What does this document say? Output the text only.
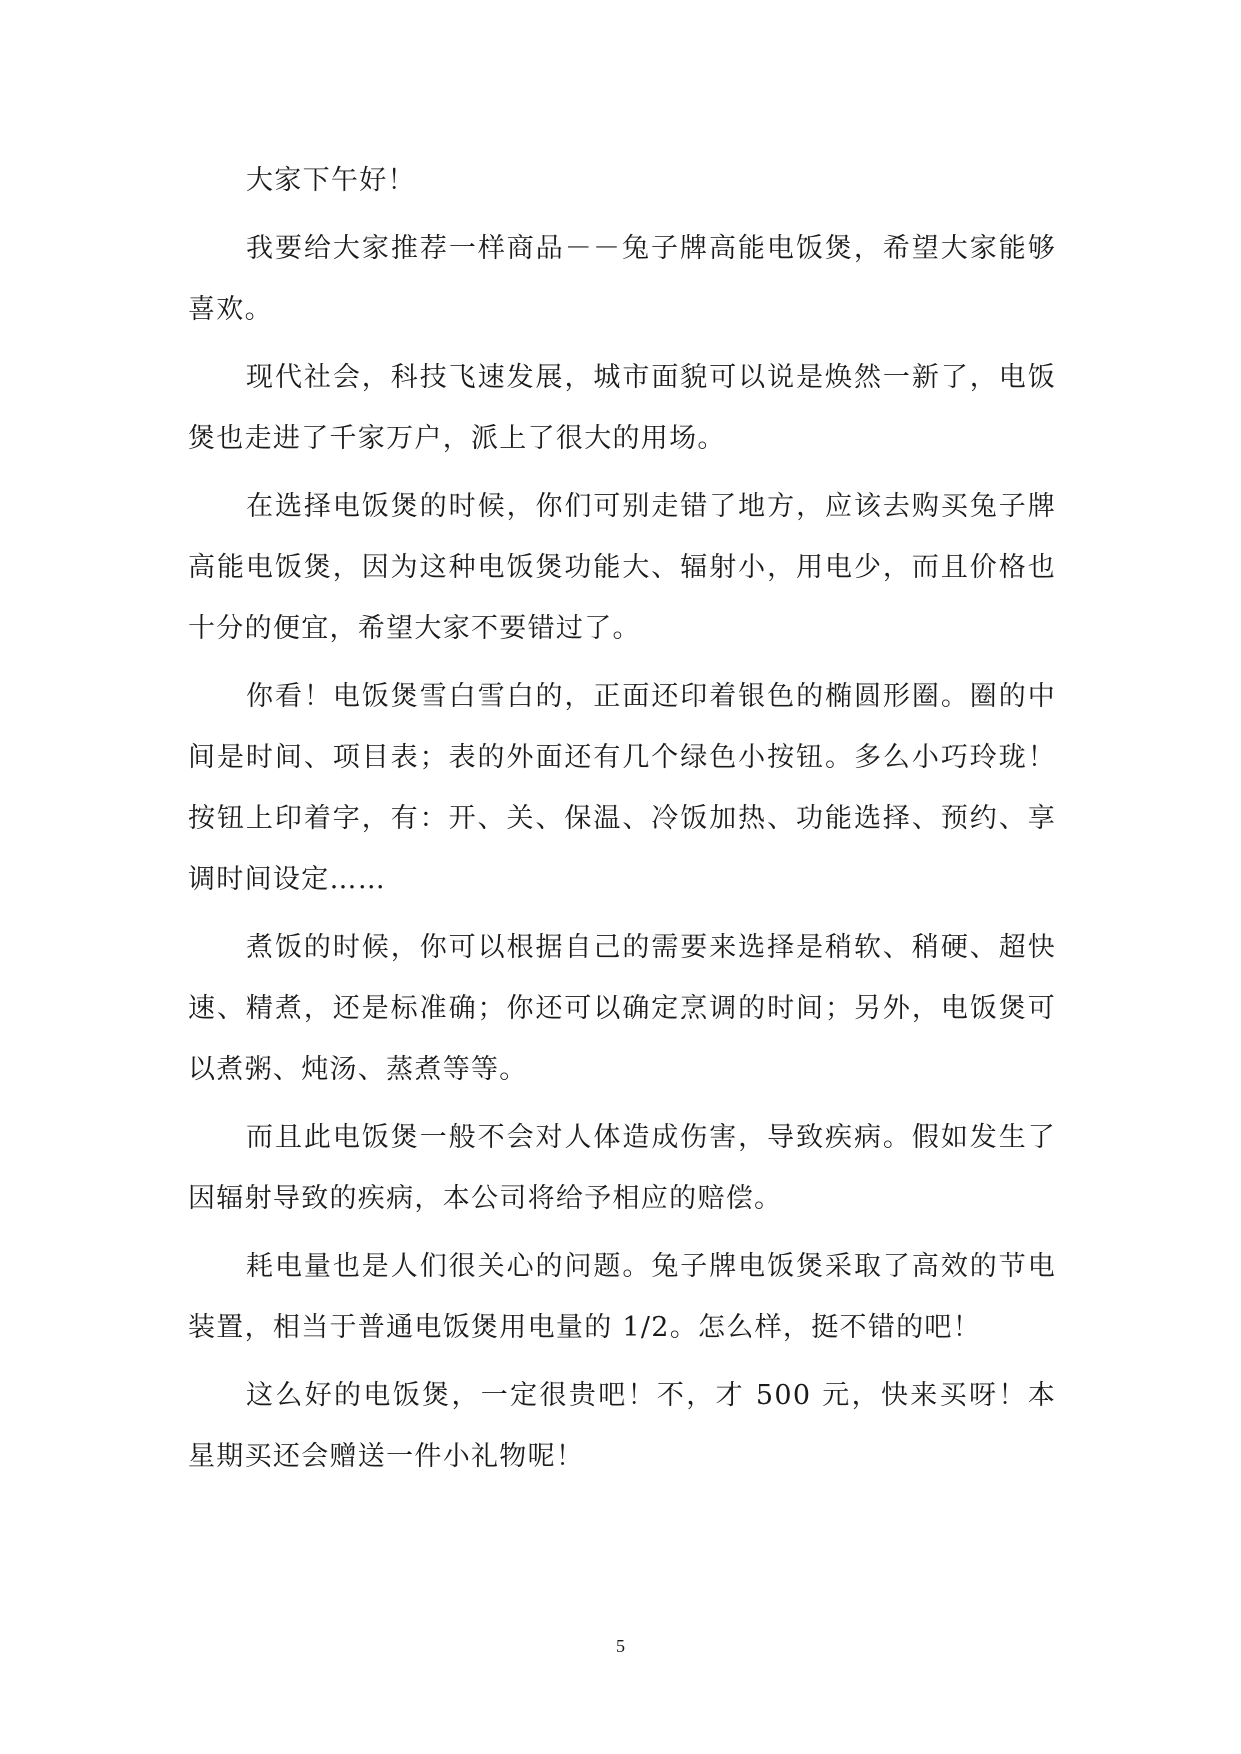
大家下午好！

我要给大家推荐一样商品－－兔子牌高能电饭煲，希望大家能够喜欢。

现代社会，科技飞速发展，城市面貌可以说是焕然一新了，电饭煲也走进了千家万户，派上了很大的用场。

在选择电饭煲的时候，你们可别走错了地方，应该去购买兔子牌高能电饭煲，因为这种电饭煲功能大、辐射小，用电少，而且价格也十分的便宜，希望大家不要错过了。

你看！电饭煲雪白雪白的，正面还印着银色的椭圆形圈。圈的中间是时间、项目表；表的外面还有几个绿色小按钮。多么小巧玲珑！按钮上印着字，有：开、关、保温、冷饭加热、功能选择、预约、享调时间设定……

煮饭的时候，你可以根据自己的需要来选择是稍软、稍硬、超快速、精煮，还是标准确；你还可以确定烹调的时间；另外，电饭煲可以煮粥、炖汤、蒸煮等等。

而且此电饭煲一般不会对人体造成伤害，导致疾病。假如发生了因辐射导致的疾病，本公司将给予相应的赔偿。

耗电量也是人们很关心的问题。兔子牌电饭煲采取了高效的节电装置，相当于普通电饭煲用电量的 1/2。怎么样，挺不错的吧！

这么好的电饭煲，一定很贵吧！不，才 500 元，快来买呀！本星期买还会赠送一件小礼物呢！

5
